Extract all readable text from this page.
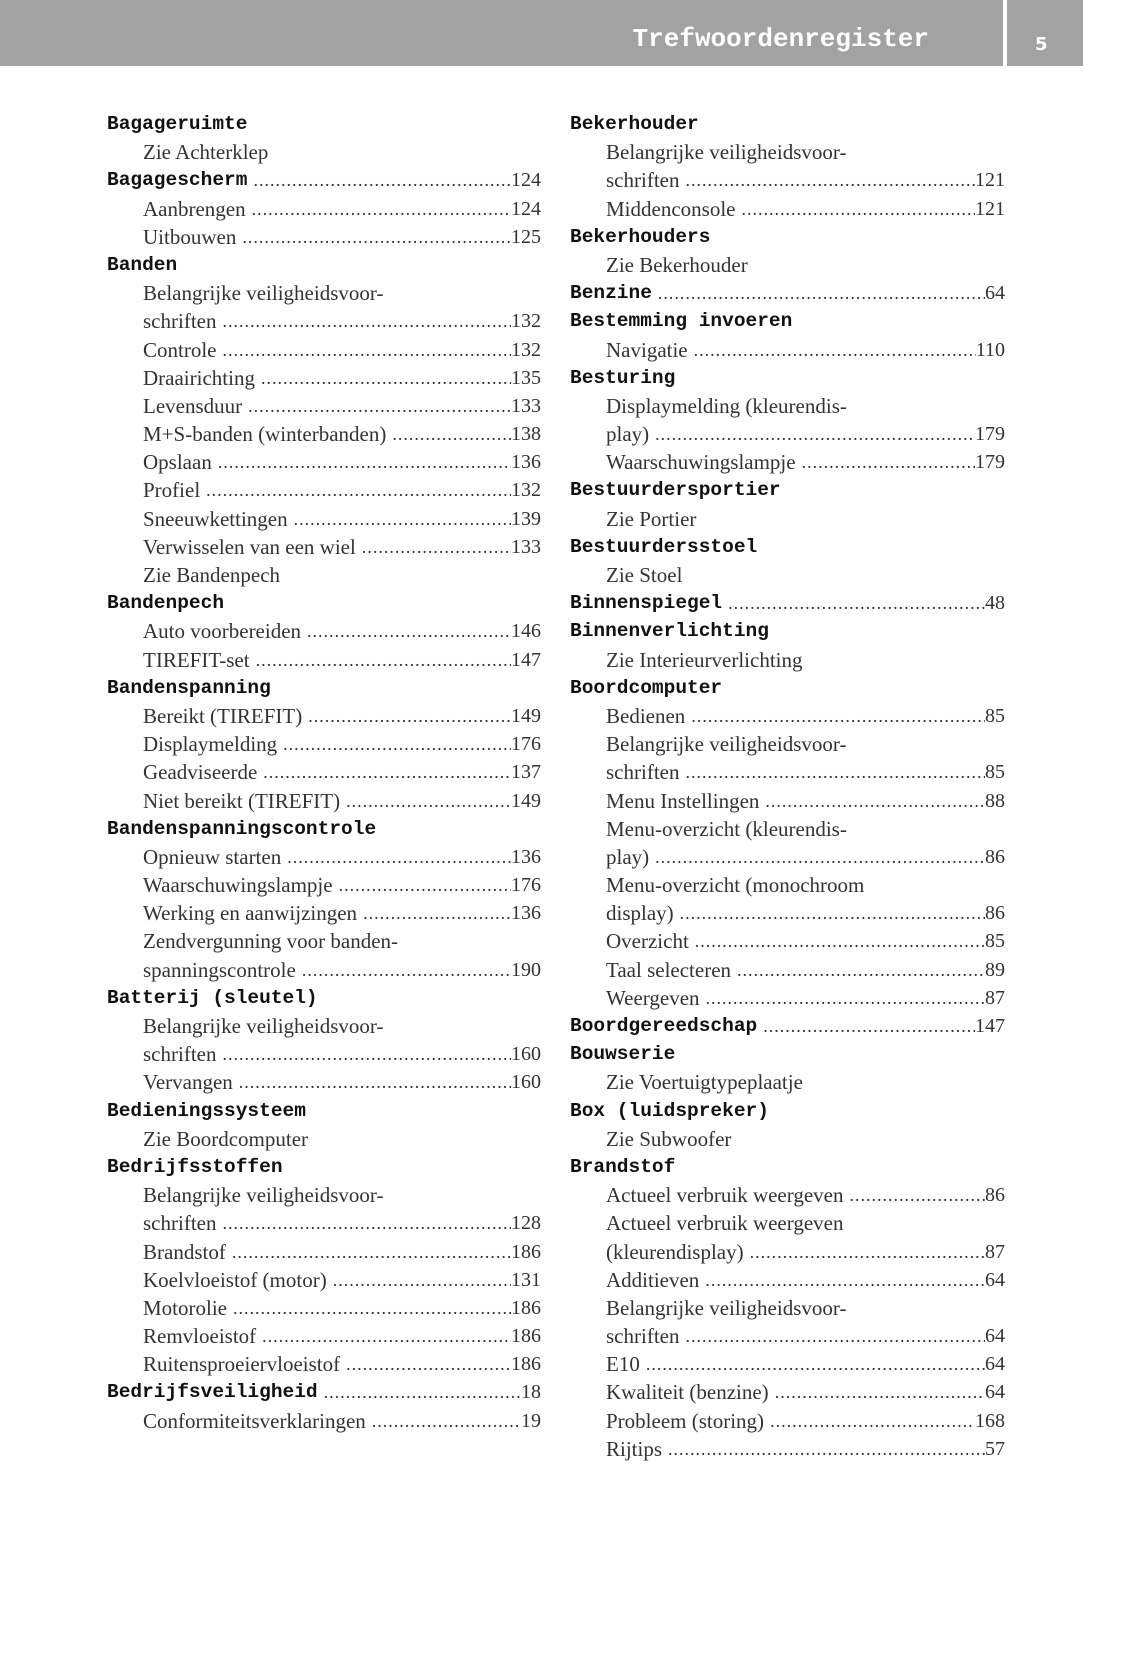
Trefwoordenregister	5
Bagageruimte
Zie Achterklep
Bagagescherm .....	124
Aanbrengen .....	124
Uitbouwen .....	125
Banden
Belangrijke veiligheidsvoor-
schriften .....	132
Controle .....	132
Draairichting .....	135
Levensduur .....	133
M+S-banden (winterbanden) .....	138
Opslaan .....	136
Profiel .....	132
Sneeuwkettingen .....	139
Verwisselen van een wiel .....	133
Zie Bandenpech
Bandenpech
Auto voorbereiden .....	146
TIREFIT-set .....	147
Bandenspanning
Bereikt (TIREFIT) .....	149
Displaymelding .....	176
Geadviseerde .....	137
Niet bereikt (TIREFIT) .....	149
Bandenspanningscontrole
Opnieuw starten .....	136
Waarschuwingslampje .....	176
Werking en aanwijzingen .....	136
Zendvergunning voor banden-
spanningscontrole .....	190
Batterij (sleutel)
Belangrijke veiligheidsvoor-
schriften .....	160
Vervangen .....	160
Bedieningssysteem
Zie Boordcomputer
Bedrijfsstoffen
Belangrijke veiligheidsvoor-
schriften .....	128
Brandstof .....	186
Koelvloeistof (motor) .....	131
Motorolie .....	186
Remvloeistof .....	186
Ruitensproeiervloeistof .....	186
Bedrijfsveiligheid .....	18
Conformiteitsverklaringen .....	19
Bekerhouder
Belangrijke veiligheidsvoor-
schriften .....	121
Middenconsole .....	121
Bekerhouders
Zie Bekerhouder
Benzine .....	64
Bestemming invoeren
Navigatie .....	110
Besturing
Displaymelding (kleurendis-
play) .....	179
Waarschuwingslampje .....	179
Bestuurdersportier
Zie Portier
Bestuurdersstoel
Zie Stoel
Binnenspiegel .....	48
Binnenverlichting
Zie Interieurverlichting
Boordcomputer
Bedienen .....	85
Belangrijke veiligheidsvoor-
schriften .....	85
Menu Instellingen .....	88
Menu-overzicht (kleurendis-
play) .....	86
Menu-overzicht (monochroom
display) .....	86
Overzicht .....	85
Taal selecteren .....	89
Weergeven .....	87
Boordgereedschap .....	147
Bouwserie
Zie Voertuigtypeplaatje
Box (luidspreker)
Zie Subwoofer
Brandstof
Actueel verbruik weergeven .....	86
Actueel verbruik weergeven
(kleurendisplay) .....	87
Additieven .....	64
Belangrijke veiligheidsvoor-
schriften .....	64
E10 .....	64
Kwaliteit (benzine) .....	64
Probleem (storing) .....	168
Rijtips .....	57
